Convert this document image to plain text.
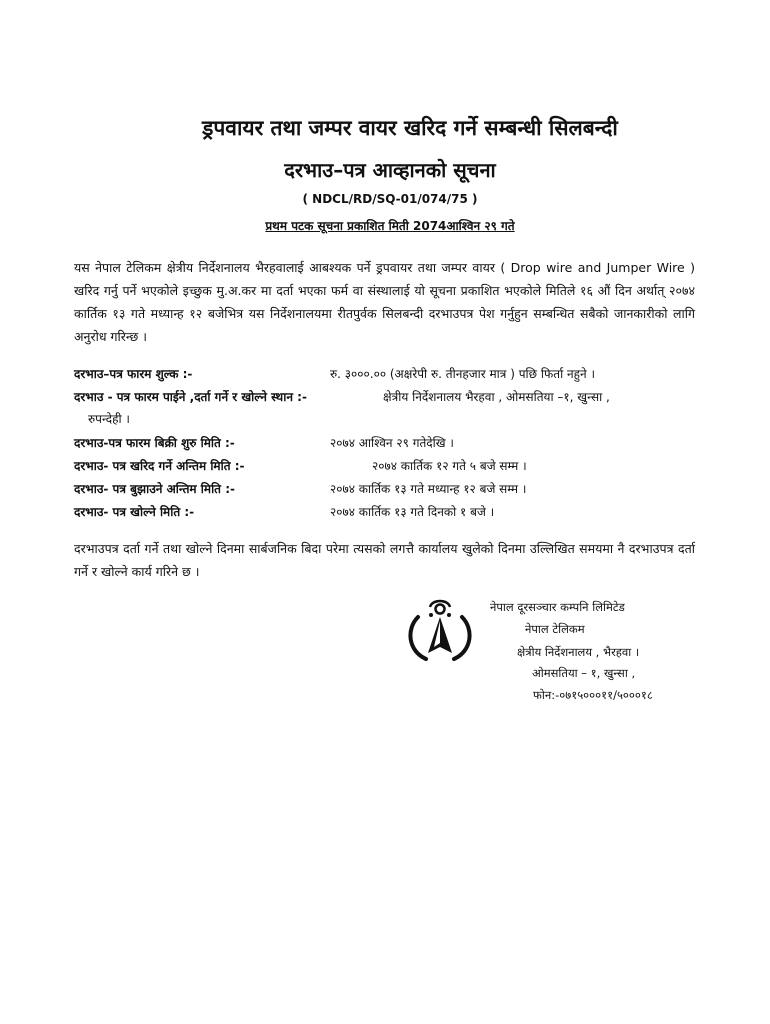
ड्रपवायर तथा जम्पर वायर खरिद गर्ने सम्बन्धी सिलबन्दी
दरभाउ–पत्र आव्हानको सूचना
( NDCL/RD/SQ-01/074/75 )
प्रथम पटक सूचना प्रकाशित मिती 2074आश्विन २९ गते
यस नेपाल टेलिकम क्षेत्रीय निर्देशनालय भैरहवालाई आबश्यक पर्ने ड्रपवायर तथा जम्पर वायर ( Drop wire and Jumper Wire ) खरिद गर्नु पर्ने भएकोले इच्छुक मु.अ.कर मा दर्ता भएका फर्म वा संस्थालाई यो सूचना प्रकाशित भएकोले मितिले १६ औं दिन अर्थात् २०७४ कार्तिक १३ गते मध्यान्ह १२ बजेभित्र यस निर्देशनालयमा रीतपुर्वक सिलबन्दी दरभाउपत्र पेश गर्नुहुन सम्बन्धित सबैको जानकारीको लागि अनुरोध गरिन्छ ।
दरभाउ–पत्र फारम शुल्क :-	रु. ३०००.०० (अक्षरेपी रु. तीनहजार मात्र ) पछि फिर्ता नहुने ।
दरभाउ - पत्र फारम पाईने ,दर्ता गर्ने र खोल्ने स्थान :-	क्षेत्रीय निर्देशनालय भैरहवा , ओमसतिया –१, खुन्सा ,
रुपन्देही ।
दरभाउ-पत्र फारम बिक्री शुरु मिति :-	२०७४ आश्विन २९ गतेदेखि ।
दरभाउ- पत्र खरिद गर्ने अन्तिम मिति :-	२०७४ कार्तिक १२ गते ५ बजे सम्म ।
दरभाउ- पत्र बुझाउने अन्तिम मिति :-	२०७४ कार्तिक १३ गते मध्यान्ह १२ बजे सम्म ।
दरभाउ- पत्र खोल्ने मिति :-	२०७४ कार्तिक १३ गते दिनको १ बजे ।
दरभाउपत्र दर्ता गर्ने तथा खोल्ने दिनमा सार्बजनिक बिदा परेमा त्यसको लगत्तै कार्यालय खुलेको दिनमा उल्लिखित समयमा नै दरभाउपत्र दर्ता गर्ने र खोल्ने कार्य गरिने छ ।
नेपाल दूरसञ्चार कम्पनि लिमिटेड
नेपाल टेलिकम
क्षेत्रीय निर्देशनालय , भैरहवा ।
ओमसतिया – १, खुन्सा ,
फोन:-०७१५०००११/५०००१८
